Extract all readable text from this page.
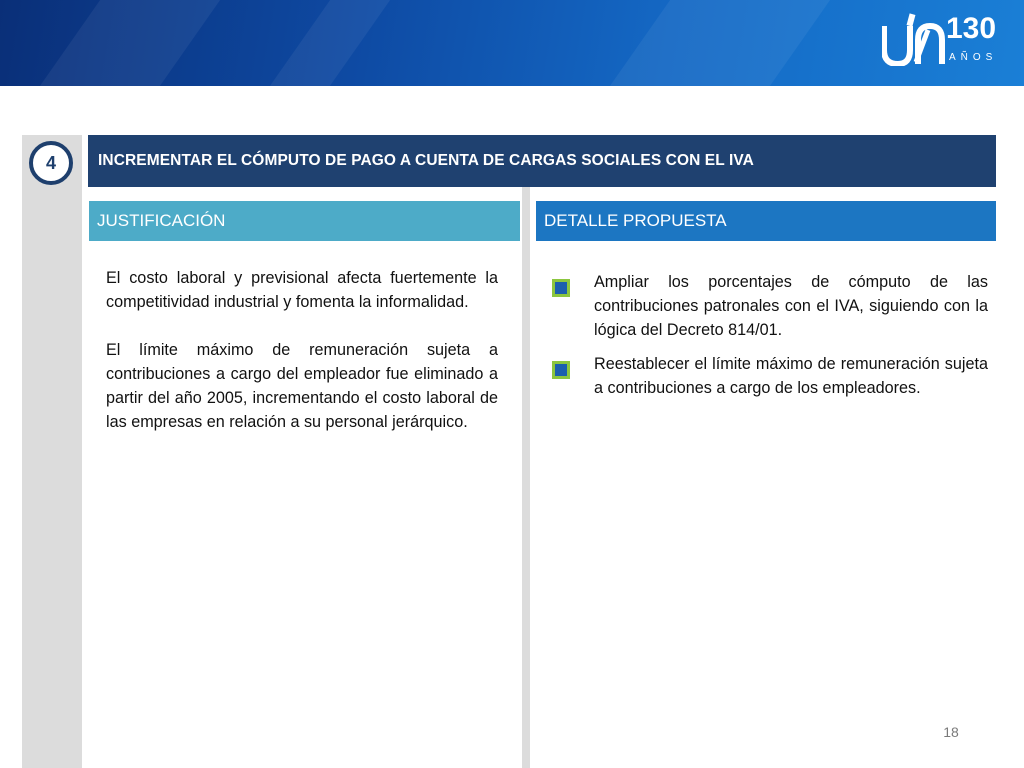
130
AÑOS
4	INCREMENTAR EL CÓMPUTO DE PAGO A CUENTA DE CARGAS SOCIALES CON EL IVA
JUSTIFICACIÓN	DETALLE PROPUESTA

El costo laboral y previsional afecta fuertemente la competitividad industrial y fomenta la informalidad.

El límite máximo de remuneración sujeta a contribuciones a cargo del empleador fue eliminado a partir del año 2005, incrementando el costo laboral de las empresas en relación a su personal jerárquico.

Ampliar los porcentajes de cómputo de las contribuciones patronales con el IVA, siguiendo con la lógica del Decreto 814/01.
Reestablecer el límite máximo de remuneración sujeta a contribuciones a cargo de los empleadores.
18
